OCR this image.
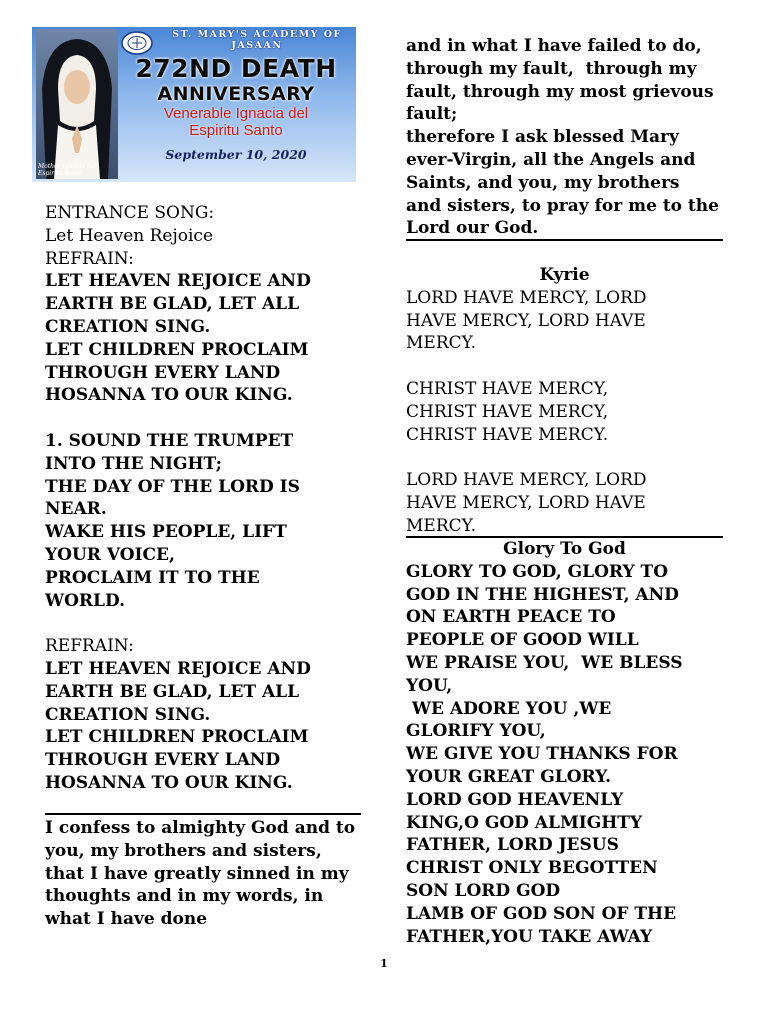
Mother Ignacia del Espiritu Santo
ST. MARY'S ACADEMY OF JASAAN
272ND DEATH
ANNIVERSARY
Venerable Ignacia del
Espiritu Santo
September 10, 2020
ENTRANCE SONG:
Let Heaven Rejoice
REFRAIN:
LET HEAVEN REJOICE AND
EARTH BE GLAD, LET ALL
CREATION SING.
LET CHILDREN PROCLAIM
THROUGH EVERY LAND
HOSANNA TO OUR KING.
1. SOUND THE TRUMPET
INTO THE NIGHT;
THE DAY OF THE LORD IS
NEAR.
WAKE HIS PEOPLE, LIFT
YOUR VOICE,
PROCLAIM IT TO THE
WORLD.
REFRAIN:
LET HEAVEN REJOICE AND
EARTH BE GLAD, LET ALL
CREATION SING.
LET CHILDREN PROCLAIM
THROUGH EVERY LAND
HOSANNA TO OUR KING.
I confess to almighty God and to
you, my brothers and sisters,
that I have greatly sinned in my
thoughts and in my words, in
what I have done
and in what I have failed to do,
through my fault,  through my
fault, through my most grievous
fault;
therefore I ask blessed Mary
ever-Virgin, all the Angels and
Saints, and you, my brothers
and sisters, to pray for me to the
Lord our God.
Kyrie
LORD HAVE MERCY, LORD
HAVE MERCY, LORD HAVE
MERCY.
CHRIST HAVE MERCY,
CHRIST HAVE MERCY,
CHRIST HAVE MERCY.
LORD HAVE MERCY, LORD
HAVE MERCY, LORD HAVE
MERCY.
Glory To God
GLORY TO GOD, GLORY TO
GOD IN THE HIGHEST, AND
ON EARTH PEACE TO
PEOPLE OF GOOD WILL
WE PRAISE YOU,  WE BLESS
YOU,
WE ADORE YOU ,WE
GLORIFY YOU,
WE GIVE YOU THANKS FOR
YOUR GREAT GLORY.
LORD GOD HEAVENLY
KING,O GOD ALMIGHTY
FATHER, LORD JESUS
CHRIST ONLY BEGOTTEN
SON LORD GOD
LAMB OF GOD SON OF THE
FATHER,YOU TAKE AWAY
1
